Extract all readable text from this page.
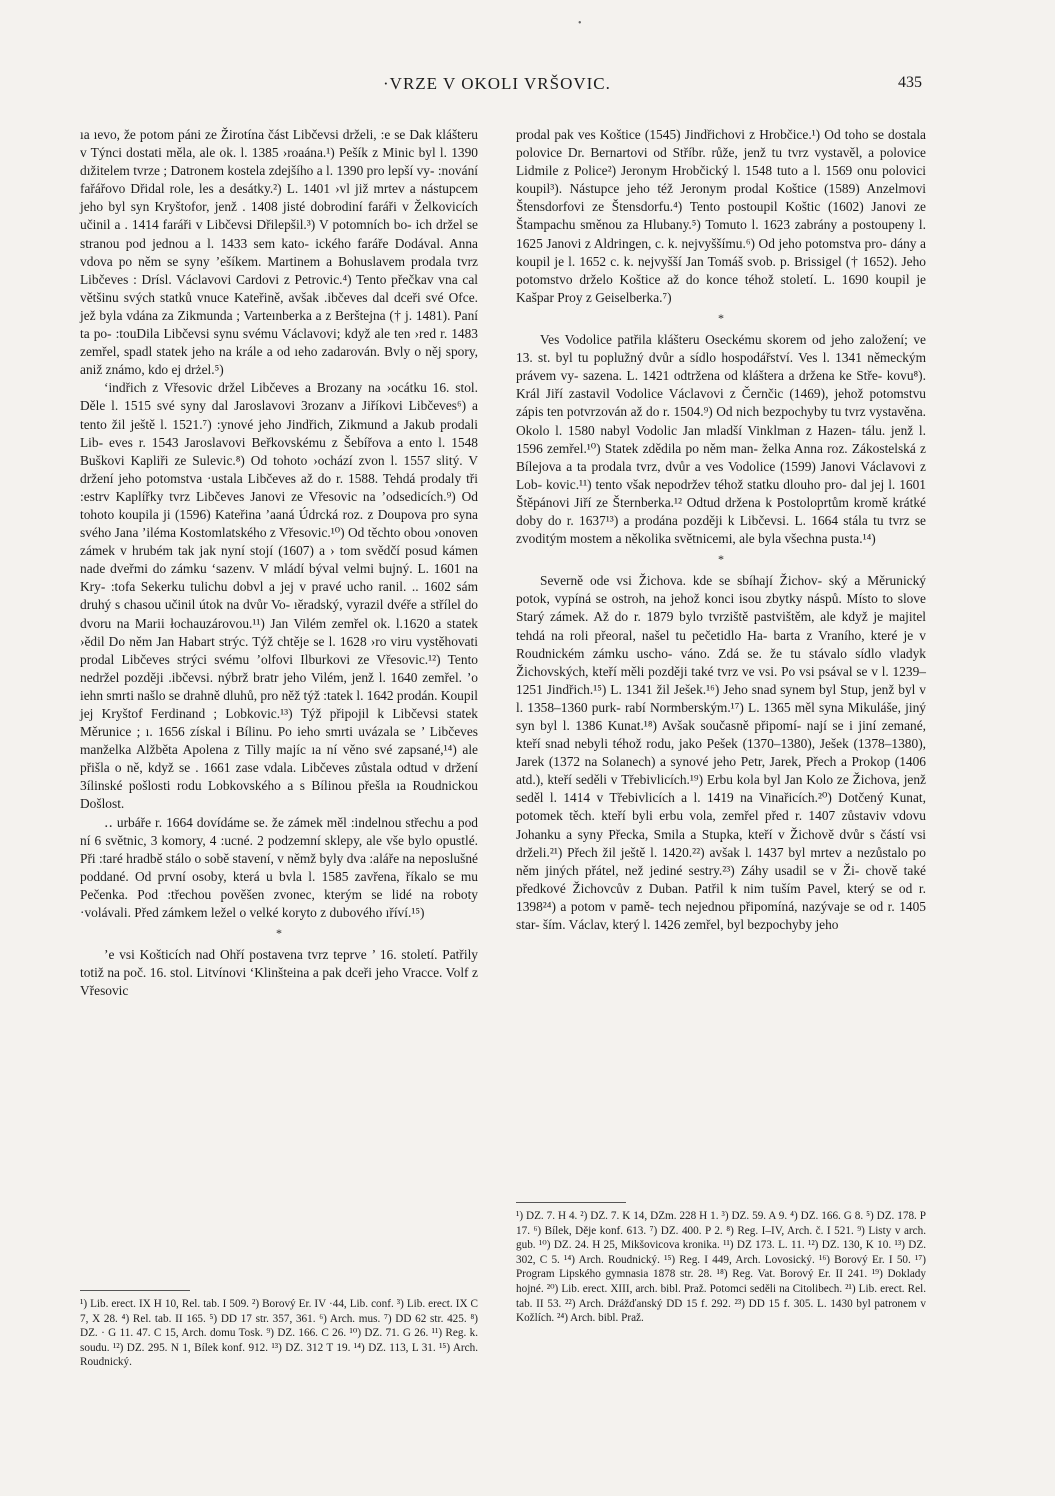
•
·VRZE V OKOLI VRŠOVIC.	435

ıa ıevo, že potom páni ze Žirotína část Libčevsi drželi, :e se Dak klášteru v Týnci dostati měla, ale ok. l. 1385 ›roaána.¹) Pešík z Minic byl l. 1390 dıžitelem tvrze ; Datronem kostela zdejšího a l. 1390 pro lepší vy- :nování fařářovo Dřidal role, les a desátky.²) L. 1401 ›vl již mrtev a nástupcem jeho byl syn Kryštofor, jenž . 1408 jisté dobrodiní faráři v Želkovicích učinil a . 1414 faráři v Libčevsi Dřilepšil.³) V potomních bo- ich držel se stranou pod jednou a l. 1433 sem kato- ického faráře Dodával. Anna vdova po něm se syny ’ešíkem. Martinem a Bohuslavem prodala tvrz Libčeves : Drísl. Václavovi Cardovi z Petrovic.⁴) Tento přečkav vna cal většinu svých statků vnuce Kateřině, avšak .ibčeves dal dceři své Ofce. jež byla vdána za Zikmunda ; Varteınberka a z Berštejna († j. 1481). Paní ta po- :touDila Libčevsi synu svému Václavovi; když ale ten ›red r. 1483 zemřel, spadl statek jeho na krále a od ıeho zadarován. Bvly o něj spory, aniž známo, kdo ej drżel.⁵)

‘indřich z Vřesovic držel Libčeves a Brozany na ›ocátku 16. stol. Děle l. 1515 své syny dal Jaroslavovi 3rozanv a Jiříkovi Libčeves⁶) a tento žil ještě l. 1521.⁷) :ynové jeho Jindřich, Zikmund a Jakub prodali Lib- eves r. 1543 Jaroslavovi Beřkovskému z Šebířova a ento l. 1548 Buškovi Kapliři ze Sulevic.⁸) Od tohoto ›ochází zvon l. 1557 slitý. V držení jeho potomstva ·ustala Libčeves až do r. 1588. Tehdá prodaly tři :estrv Kaplířky tvrz Libčeves Janovi ze Vřesovic na ’odsedicích.⁹) Od tohoto koupila ji (1596) Kateřina ’aaná Údrcká roz. z Doupova pro syna svého Jana ’iléma Kostomlatského z Vřesovic.¹⁰) Od těchto obou ›onoven zámek v hrubém tak jak nyní stojí (1607) a › tom svědčí posud kámen nade dveřmi do zámku ‘sazenv. V mládí býval velmi bujný. L. 1601 na Kry- :tofa Sekerku tulichu dobvl a jej v pravé ucho ranil. .. 1602 sám druhý s chasou učinil útok na dvůr Vo- ıěradský, vyrazil dvéře a střílel do dvoru na Marii łochauzárovou.¹¹) Jan Vilém zemřel ok. l.1620 a statek ›ědil Do něm Jan Habart strýc. Týž chtěje se l. 1628 ›ro viru vystěhovati prodal Libčeves strýci svému ’olfovi Ilburkovi ze Vřesovic.¹²) Tento nedržel později .ibčevsi. nýbrž bratr jeho Vilém, jenž l. 1640 zemřel. ’o iehn smrti našlo se drahně dluhů, pro něž týž :tatek l. 1642 prodán. Koupil jej Kryštof Ferdinand ; Lobkovic.¹³) Týž připojil k Libčevsi statek Měrunice ; ı. 1656 získal i Bílinu. Po ieho smrti uvázala se ’ Libčeves manželka Alžběta Apolena z Tilly majíc ıa ní věno své zapsané,¹⁴) ale přišla o ně, když se . 1661 zase vdala. Libčeves zůstala odtud v držení 3ílinské pošlosti rodu Lobkovského a s Bílinou přešla ıa Roudnickou Došlost.

‥ urbáře r. 1664 dovídáme se. že zámek měl :indelnou střechu a pod ní 6 světnic, 3 komory, 4 :ucné. 2 podzemní sklepy, ale vše bylo opustlé. Při :taré hradbě stálo o sobě stavení, v němž byly dva :aláře na neposlušné poddané. Od první osoby, která u bvla l. 1585 zavřena, říkalo se mu Pečenka. Pod :třechou pověšen zvonec, kterým se lidé na roboty ·volávali. Před zámkem ležel o velké koryto z dubového ıříví.¹⁵)

*

’e vsi Košticích nad Ohří postavena tvrz teprve ’ 16. století. Patřily totiž na poč. 16. stol. Litvínovi ‘Klinšteina a pak dceři jeho Vracce. Volf z Vřesovic

prodal pak ves Koštice (1545) Jindřichovi z Hrobčice.¹) Od toho se dostala polovice Dr. Bernartovi od Stříbr. růže, jenž tu tvrz vystavěl, a polovice Lidmile z Police²) Jeronym Hrobčický l. 1548 tuto a l. 1569 onu polovici koupil³). Nástupce jeho též Jeronym prodal Koštice (1589) Anzelmovi Štensdorfovi ze Štensdorfu.⁴) Tento postoupil Koštic (1602) Janovi ze Štampachu směnou za Hlubany.⁵) Tomuto l. 1623 zabrány a postoupeny l. 1625 Janovi z Aldringen, c. k. nejvyššímu.⁶) Od jeho potomstva pro- dány a koupil je l. 1652 c. k. nejvyšší Jan Tomáš svob. p. Brissigel († 1652). Jeho potomstvo drželo Koštice až do konce téhož století. L. 1690 koupil je Kašpar Proy z Geiselberka.⁷)

*

Ves Vodolice patřila klášteru Oseckému skorem od jeho založení; ve 13. st. byl tu poplužný dvůr a sídlo hospodářství. Ves l. 1341 německým právem vy- sazena. L. 1421 odtržena od kláštera a držena ke Stře- kovu⁸). Král Jiří zastavil Vodolice Václavovi z Černčic (1469), jehož potomstvu zápis ten potvrzován až do r. 1504.⁹) Od nich bezpochyby tu tvrz vystavěna. Okolo l. 1580 nabyl Vodolic Jan mladší Vinklman z Hazen- tálu. jenž l. 1596 zemřel.¹⁰) Statek zdědila po něm man- želka Anna roz. Zákostelská z Bílejova a ta prodala tvrz, dvůr a ves Vodolice (1599) Janovi Václavovi z Lob- kovic.¹¹) tento však nepodržev téhož statku dlouho pro- dal jej l. 1601 Štěpánovi Jiří ze Šternberka.¹² Odtud držena k Postoloprtům kromě krátké doby do r. 1637¹³) a prodána později k Libčevsi. L. 1664 stála tu tvrz se zvoditým mostem a několika světnicemi, ale byla všechna pusta.¹⁴)

*

Severně ode vsi Žichova. kde se sbíhají Žichov- ský a Měrunický potok, vypíná se ostroh, na jehož konci isou zbytky náspů. Místo to slove Starý zámek. Až do r. 1879 bylo tvrziště pastvištěm, ale když je majitel tehdá na roli přeoral, našel tu pečetidlo Ha- barta z Vraního, které je v Roudnickém zámku uscho- váno. Zdá se. že tu stávalo sídlo vladyk Žichovských, kteří měli později také tvrz ve vsi. Po vsi psával se v l. 1239–1251 Jindřich.¹⁵) L. 1341 žil Ješek.¹⁶) Jeho snad synem byl Stup, jenž byl v l. 1358–1360 purk- rabí Normberským.¹⁷) L. 1365 měl syna Mikuláše, jiný syn byl l. 1386 Kunat.¹⁸) Avšak současně připomí- nají se i jiní zemané, kteří snad nebyli téhož rodu, jako Pešek (1370–1380), Ješek (1378–1380), Jarek (1372 na Solanech) a synové jeho Petr, Jarek, Přech a Prokop (1406 atd.), kteří seděli v Třebivlicích.¹⁹) Erbu kola byl Jan Kolo ze Žichova, jenž seděl l. 1414 v Třebivlicích a l. 1419 na Vinařicích.²⁰) Dotčený Kunat, potomek těch. kteří byli erbu vola, zemřel před r. 1407 zůstaviv vdovu Johanku a syny Přecka, Smila a Stupka, kteří v Žichově dvůr s částí vsi drželi.²¹) Přech žil ještě l. 1420.²²) avšak l. 1437 byl mrtev a nezůstalo po něm jiných přátel, než jediné sestry.²³) Záhy usadil se v Ži- chově také předkové Žichovcův z Duban. Patřil k nim tuším Pavel, který se od r. 1398²⁴) a potom v pamě- tech nejednou připomíná, nazývaje se od r. 1405 star- ším. Václav, který l. 1426 zemřel, byl bezpochyby jeho

¹) Lib. erect. IX H 10, Rel. tab. I 509. ²) Borový Er. IV ·44, Lib. conf. ³) Lib. erect. IX C 7, X 28. ⁴) Rel. tab. II 165. ⁵) DD 17 str. 357, 361. ⁶) Arch. mus. ⁷) DD 62 str. 425. ⁸) DZ. · G 11. 47. C 15, Arch. domu Tosk. ⁹) DZ. 166. C 26. ¹⁰) DZ. 71. G 26. ¹¹) Reg. k. soudu. ¹²) DZ. 295. N 1, Bílek konf. 912. ¹³) DZ. 312 T 19. ¹⁴) DZ. 113, L 31. ¹⁵) Arch. Roudnický.

¹) DZ. 7. H 4. ²) DZ. 7. K 14, DZm. 228 H 1. ³) DZ. 59. A 9. ⁴) DZ. 166. G 8. ⁵) DZ. 178. P 17. ⁶) Bílek, Děje konf. 613. ⁷) DZ. 400. P 2. ⁸) Reg. I–IV, Arch. č. I 521. ⁹) Listy v arch. gub. ¹⁰) DZ. 24. H 25, Mikšovicova kronika. ¹¹) DZ 173. L. 11. ¹²) DZ. 130, K 10. ¹³) DZ. 302, C 5. ¹⁴) Arch. Roudnický. ¹⁵) Reg. I 449, Arch. Lovosický. ¹⁶) Borový Er. I 50. ¹⁷) Program Lipského gymnasia 1878 str. 28. ¹⁸) Reg. Vat. Borový Er. II 241. ¹⁹) Doklady hojné. ²⁰) Lib. erect. XIII, arch. bibl. Praž. Potomci seděli na Citolibech. ²¹) Lib. erect. Rel. tab. II 53. ²²) Arch. Drážďanský DD 15 f. 292. ²³) DD 15 f. 305. L. 1430 byl patronem v Kožlích. ²⁴) Arch. bibl. Praž.
